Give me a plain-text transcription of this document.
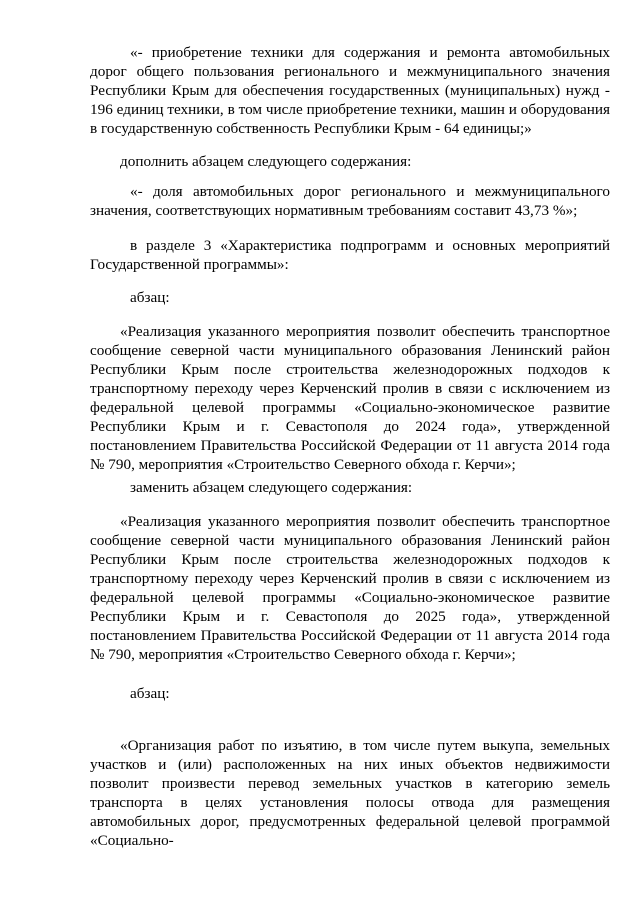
«- приобретение техники для содержания и ремонта автомобильных дорог общего пользования регионального и межмуниципального значения Республики Крым для обеспечения государственных (муниципальных) нужд - 196 единиц техники, в том числе приобретение техники, машин и оборудования в государственную собственность Республики Крым - 64 единицы;»

дополнить абзацем следующего содержания:

«- доля автомобильных дорог регионального и межмуниципального значения, соответствующих нормативным требованиям составит 43,73 %»;

в разделе 3 «Характеристика подпрограмм и основных мероприятий Государственной программы»:

абзац:

«Реализация указанного мероприятия позволит обеспечить транспортное сообщение северной части муниципального образования Ленинский район Республики Крым после строительства железнодорожных подходов к транспортному переходу через Керченский пролив в связи с исключением из федеральной целевой программы «Социально-экономическое развитие Республики Крым и г. Севастополя до 2024 года», утвержденной постановлением Правительства Российской Федерации от 11 августа 2014 года № 790, мероприятия «Строительство Северного обхода г. Керчи»;

заменить абзацем следующего содержания:

«Реализация указанного мероприятия позволит обеспечить транспортное сообщение северной части муниципального образования Ленинский район Республики Крым после строительства железнодорожных подходов к транспортному переходу через Керченский пролив в связи с исключением из федеральной целевой программы «Социально-экономическое развитие Республики Крым и г. Севастополя до 2025 года», утвержденной постановлением Правительства Российской Федерации от 11 августа 2014 года № 790, мероприятия «Строительство Северного обхода г. Керчи»;

абзац:

«Организация работ по изъятию, в том числе путем выкупа, земельных участков и (или) расположенных на них иных объектов недвижимости позволит произвести перевод земельных участков в категорию земель транспорта в целях установления полосы отвода для размещения автомобильных дорог, предусмотренных федеральной целевой программой «Социально-
